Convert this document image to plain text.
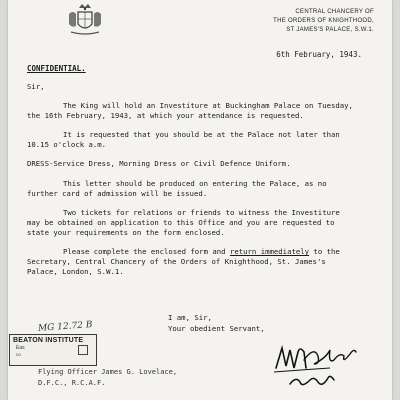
CENTRAL CHANCERY OF
THE ORDERS OF KNIGHTHOOD,
ST JAMES'S PALACE, S.W.1.
6th February, 1943.
CONFIDENTIAL.

Sir,

The King will hold an Investiture at Buckingham Palace on Tuesday, the 16th February, 1943, at which your attendance is requested.

It is requested that you should be at the Palace not later than 10.15 o'clock a.m.

DRESS-Service Dress, Morning Dress or Civil Defence Uniform.

This letter should be produced on entering the Palace, as no further card of admission will be issued.

Two tickets for relations or friends to witness the Investiture may be obtained on application to this Office and you are requested to state your requirements on the form enclosed.

Please complete the enclosed form and return immediately to the Secretary, Central Chancery of the Orders of Knighthood, St. James's Palace, London, S.W.1.

I am, Sir,
Your obedient Servant,
MG 12.72 B
BEATON INSTITUTE
Eas
co
Flying Officer James G. Lovelace,
D.F.C., R.C.A.F.
